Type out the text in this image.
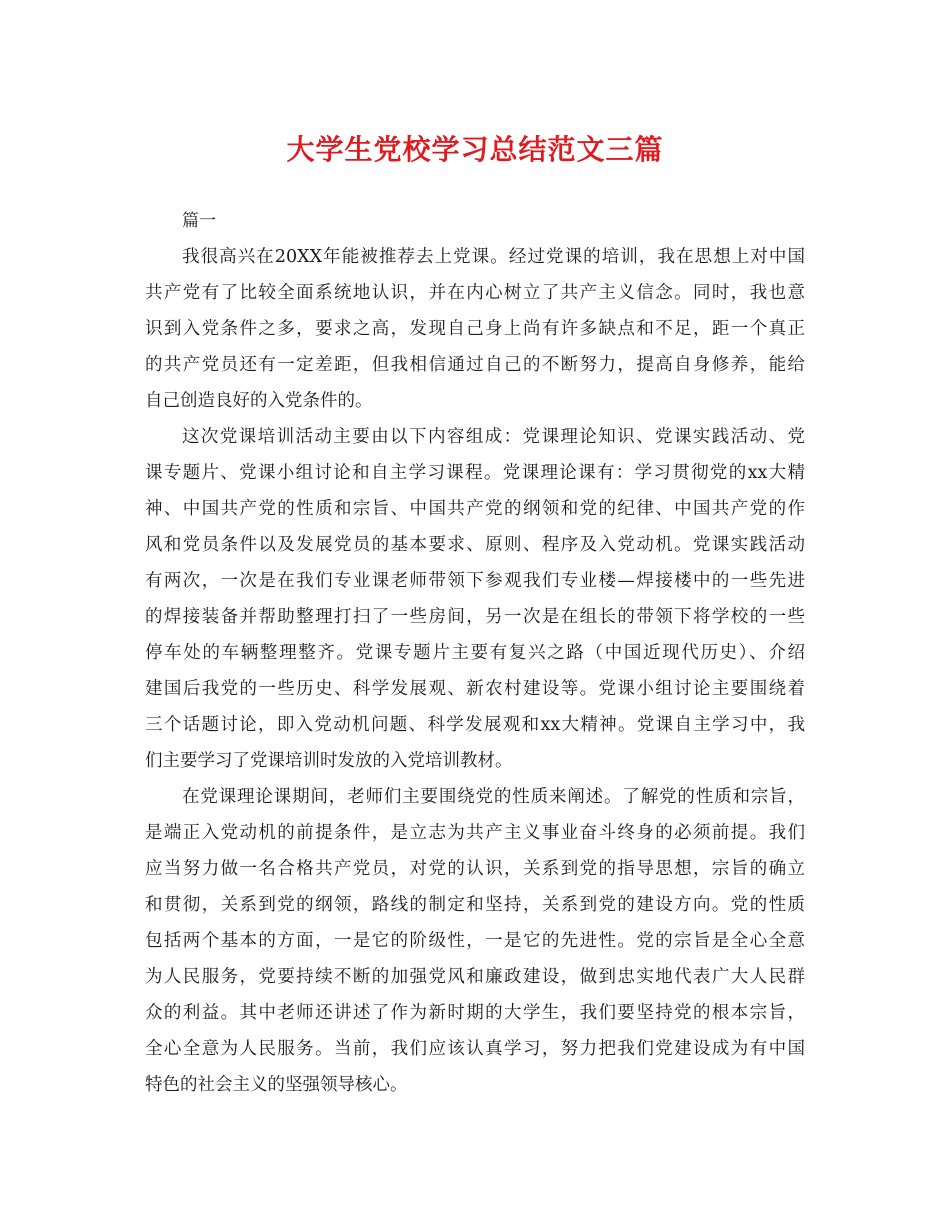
大学生党校学习总结范文三篇

篇一

我很高兴在20XX年能被推荐去上党课。经过党课的培训，我在思想上对中国
共产党有了比较全面系统地认识，并在内心树立了共产主义信念。同时，我也意
识到入党条件之多，要求之高，发现自己身上尚有许多缺点和不足，距一个真正
的共产党员还有一定差距，但我相信通过自己的不断努力，提高自身修养，能给
自己创造良好的入党条件的。

这次党课培训活动主要由以下内容组成：党课理论知识、党课实践活动、党
课专题片、党课小组讨论和自主学习课程。党课理论课有：学习贯彻党的xx大精
神、中国共产党的性质和宗旨、中国共产党的纲领和党的纪律、中国共产党的作
风和党员条件以及发展党员的基本要求、原则、程序及入党动机。党课实践活动
有两次，一次是在我们专业课老师带领下参观我们专业楼—焊接楼中的一些先进
的焊接装备并帮助整理打扫了一些房间，另一次是在组长的带领下将学校的一些
停车处的车辆整理整齐。党课专题片主要有复兴之路（中国近现代历史）、介绍
建国后我党的一些历史、科学发展观、新农村建设等。党课小组讨论主要围绕着
三个话题讨论，即入党动机问题、科学发展观和xx大精神。党课自主学习中，我
们主要学习了党课培训时发放的入党培训教材。

在党课理论课期间，老师们主要围绕党的性质来阐述。了解党的性质和宗旨，
是端正入党动机的前提条件，是立志为共产主义事业奋斗终身的必须前提。我们
应当努力做一名合格共产党员，对党的认识，关系到党的指导思想，宗旨的确立
和贯彻，关系到党的纲领，路线的制定和坚持，关系到党的建设方向。党的性质
包括两个基本的方面，一是它的阶级性，一是它的先进性。党的宗旨是全心全意
为人民服务，党要持续不断的加强党风和廉政建设，做到忠实地代表广大人民群
众的利益。其中老师还讲述了作为新时期的大学生，我们要坚持党的根本宗旨，
全心全意为人民服务。当前，我们应该认真学习，努力把我们党建设成为有中国
特色的社会主义的坚强领导核心。
